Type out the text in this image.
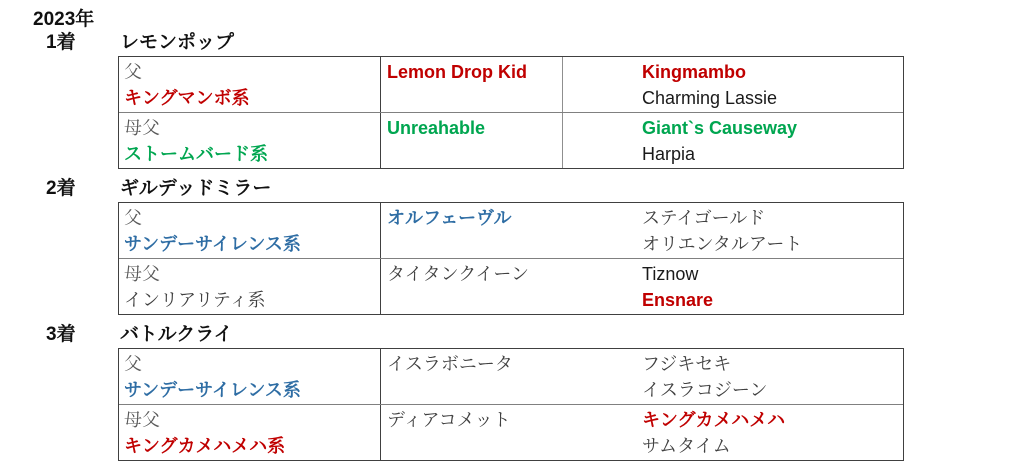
2023年
1着 レモンポップ
父
キングマンボ系
Lemon Drop Kid	Kingmambo
Charming Lassie
母父
ストームバード系
Unreahable	Giant`s Causeway
Harpia
2着 ギルデッドミラー
父
サンデーサイレンス系
オルフェーヴル	ステイゴールド
オリエンタルアート
母父
インリアリティ系
タイタンクイーン	Tiznow
Ensnare
3着 バトルクライ
父
サンデーサイレンス系
イスラボニータ	フジキセキ
イスラコジーン
母父
キングカメハメハ系
ディアコメット	キングカメハメハ
サムタイム
